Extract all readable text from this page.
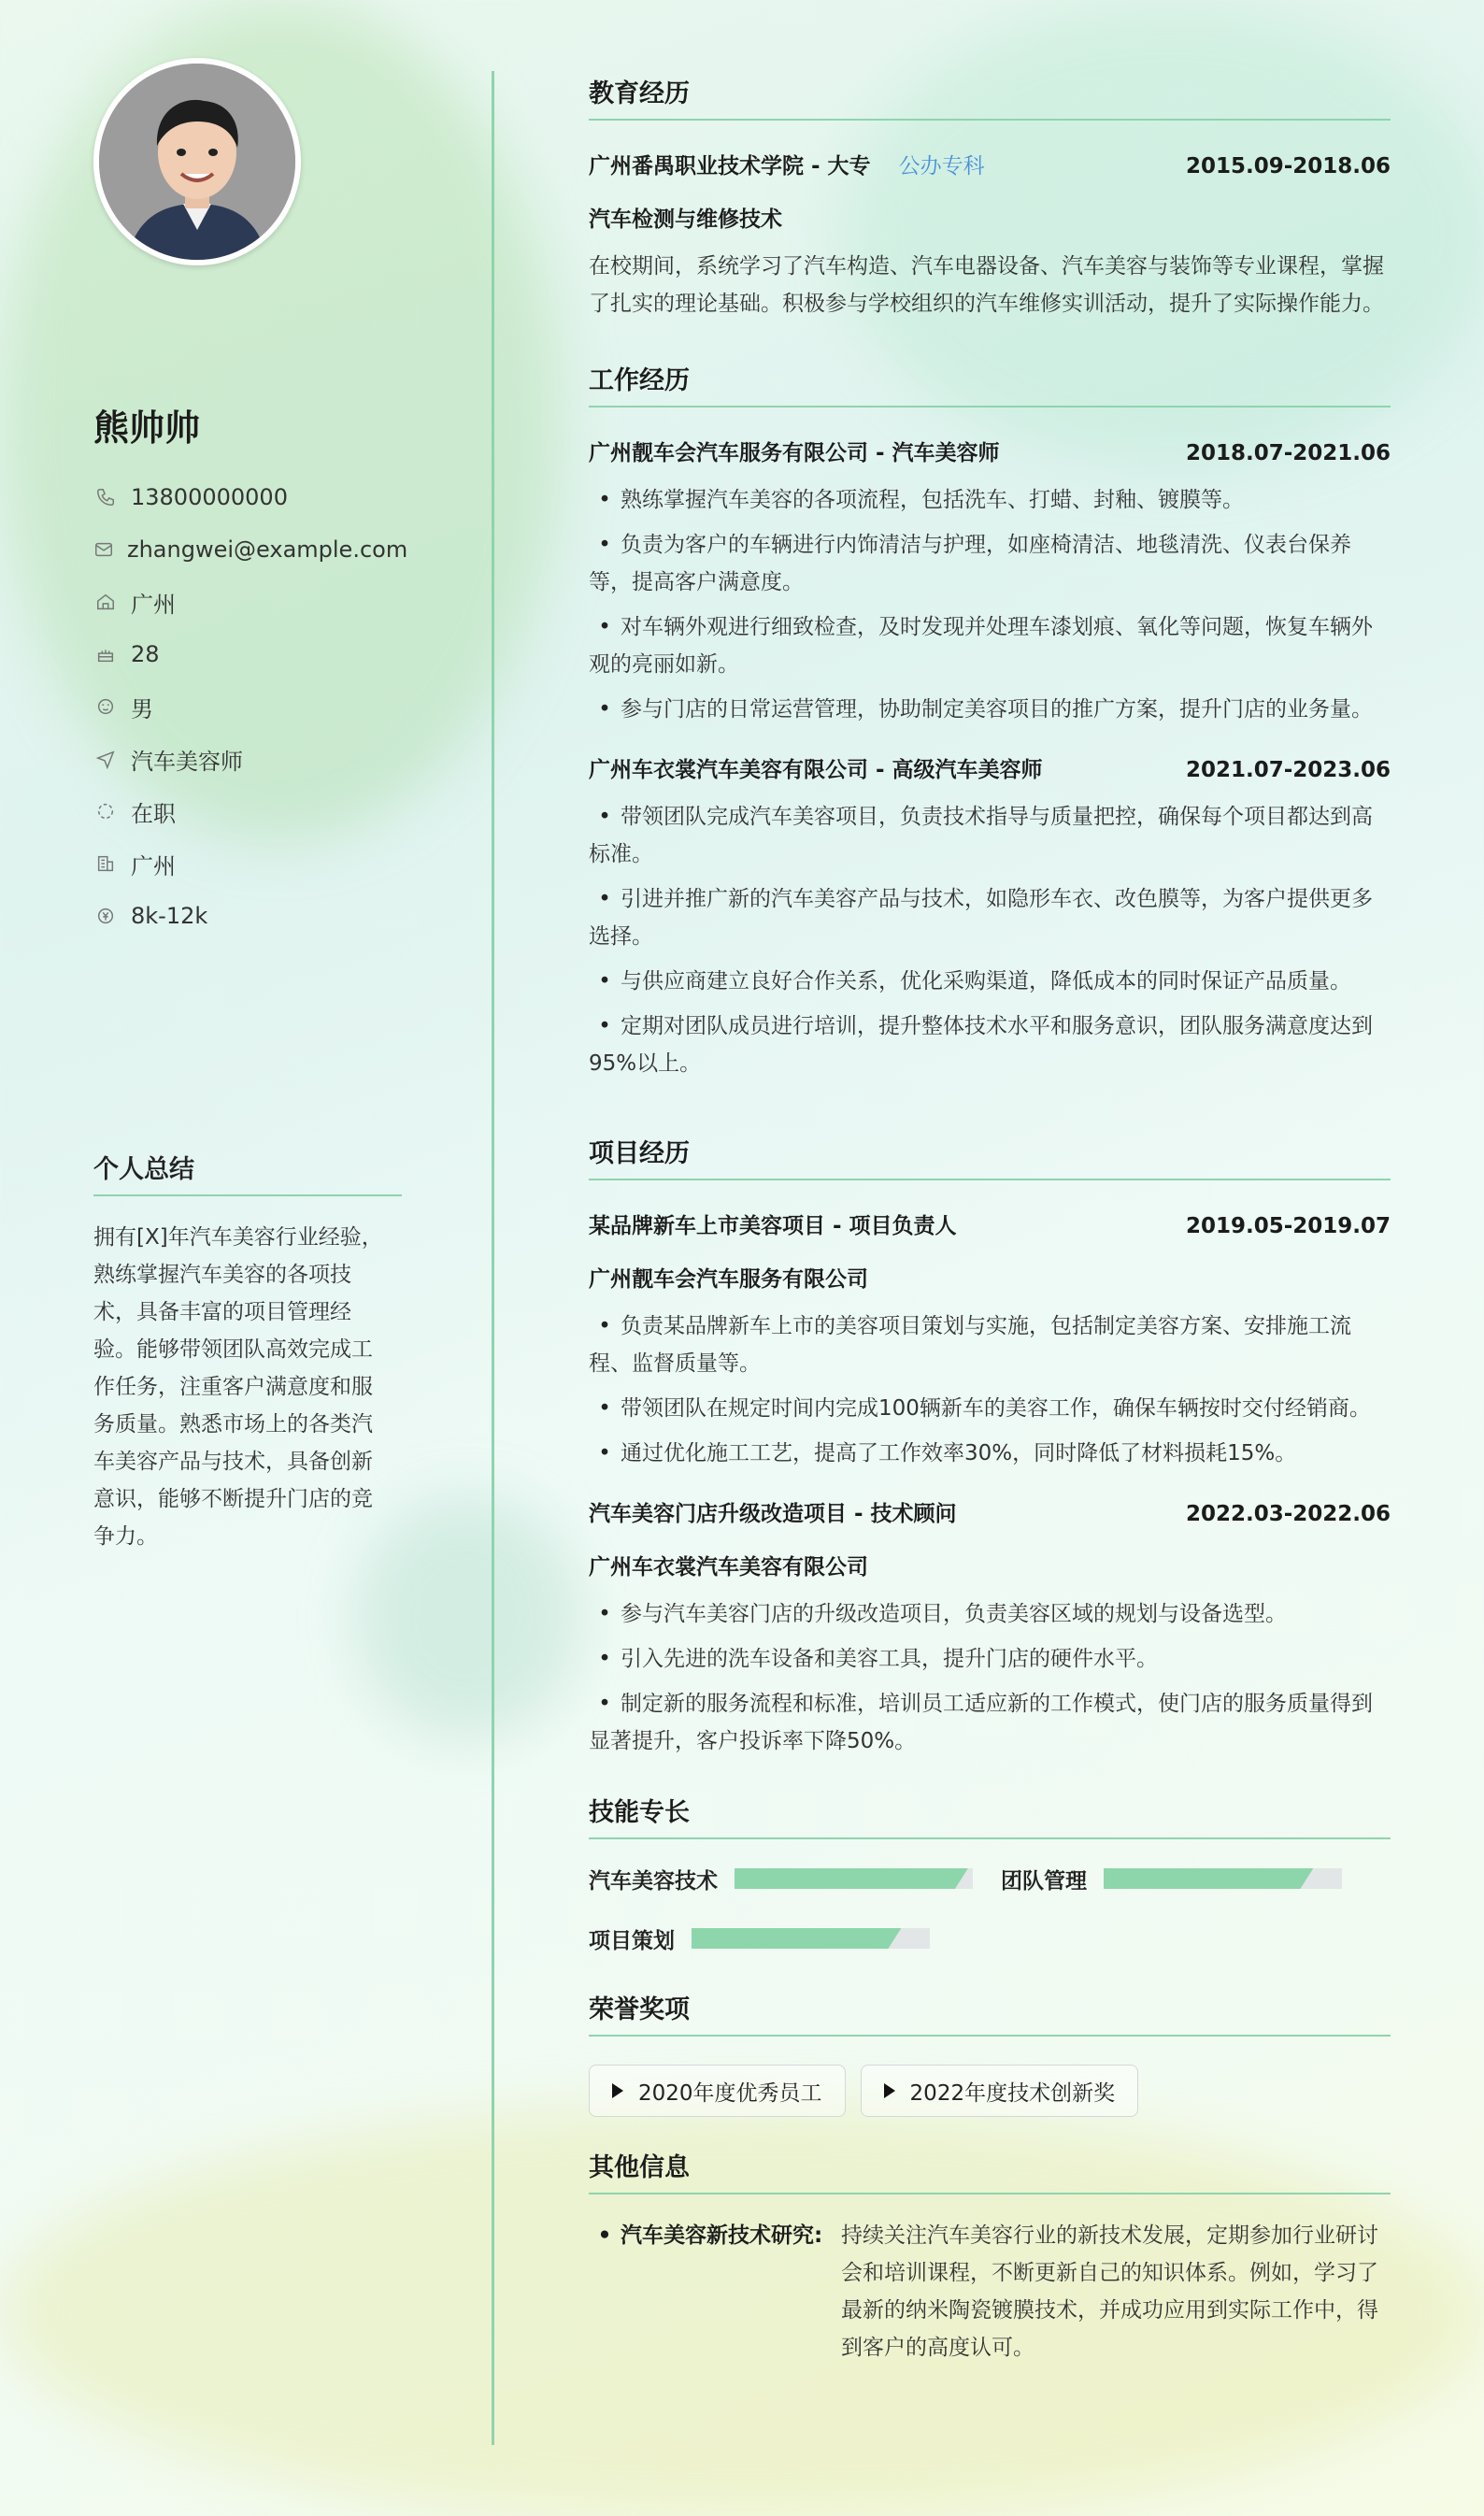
熊帅帅
13800000000
zhangwei@example.com
广州
28
男
汽车美容师
在职
广州
8k-12k
个人总结
拥有[X]年汽车美容行业经验，熟练掌握汽车美容的各项技术，具备丰富的项目管理经验。能够带领团队高效完成工作任务，注重客户满意度和服务质量。熟悉市场上的各类汽车美容产品与技术，具备创新意识，能够不断提升门店的竞争力。
教育经历
广州番禺职业技术学院 - 大专 公办专科	2015.09-2018.06
汽车检测与维修技术
在校期间，系统学习了汽车构造、汽车电器设备、汽车美容与装饰等专业课程，掌握了扎实的理论基础。积极参与学校组织的汽车维修实训活动，提升了实际操作能力。
工作经历
广州靓车会汽车服务有限公司 - 汽车美容师	2018.07-2021.06
• 熟练掌握汽车美容的各项流程，包括洗车、打蜡、封釉、镀膜等。
• 负责为客户的车辆进行内饰清洁与护理，如座椅清洁、地毯清洗、仪表台保养等，提高客户满意度。
• 对车辆外观进行细致检查，及时发现并处理车漆划痕、氧化等问题，恢复车辆外观的亮丽如新。
• 参与门店的日常运营管理，协助制定美容项目的推广方案，提升门店的业务量。
广州车衣裳汽车美容有限公司 - 高级汽车美容师	2021.07-2023.06
• 带领团队完成汽车美容项目，负责技术指导与质量把控，确保每个项目都达到高标准。
• 引进并推广新的汽车美容产品与技术，如隐形车衣、改色膜等，为客户提供更多选择。
• 与供应商建立良好合作关系，优化采购渠道，降低成本的同时保证产品质量。
• 定期对团队成员进行培训，提升整体技术水平和服务意识，团队服务满意度达到95%以上。
项目经历
某品牌新车上市美容项目 - 项目负责人	2019.05-2019.07
广州靓车会汽车服务有限公司
• 负责某品牌新车上市的美容项目策划与实施，包括制定美容方案、安排施工流程、监督质量等。
• 带领团队在规定时间内完成100辆新车的美容工作，确保车辆按时交付经销商。
• 通过优化施工工艺，提高了工作效率30%，同时降低了材料损耗15%。
汽车美容门店升级改造项目 - 技术顾问	2022.03-2022.06
广州车衣裳汽车美容有限公司
• 参与汽车美容门店的升级改造项目，负责美容区域的规划与设备选型。
• 引入先进的洗车设备和美容工具，提升门店的硬件水平。
• 制定新的服务流程和标准，培训员工适应新的工作模式，使门店的服务质量得到显著提升，客户投诉率下降50%。
技能专长
汽车美容技术	团队管理
项目策划
荣誉奖项
2020年度优秀员工	2022年度技术创新奖
其他信息
• 汽车美容新技术研究: 持续关注汽车美容行业的新技术发展，定期参加行业研讨会和培训课程，不断更新自己的知识体系。例如，学习了最新的纳米陶瓷镀膜技术，并成功应用到实际工作中，得到客户的高度认可。
